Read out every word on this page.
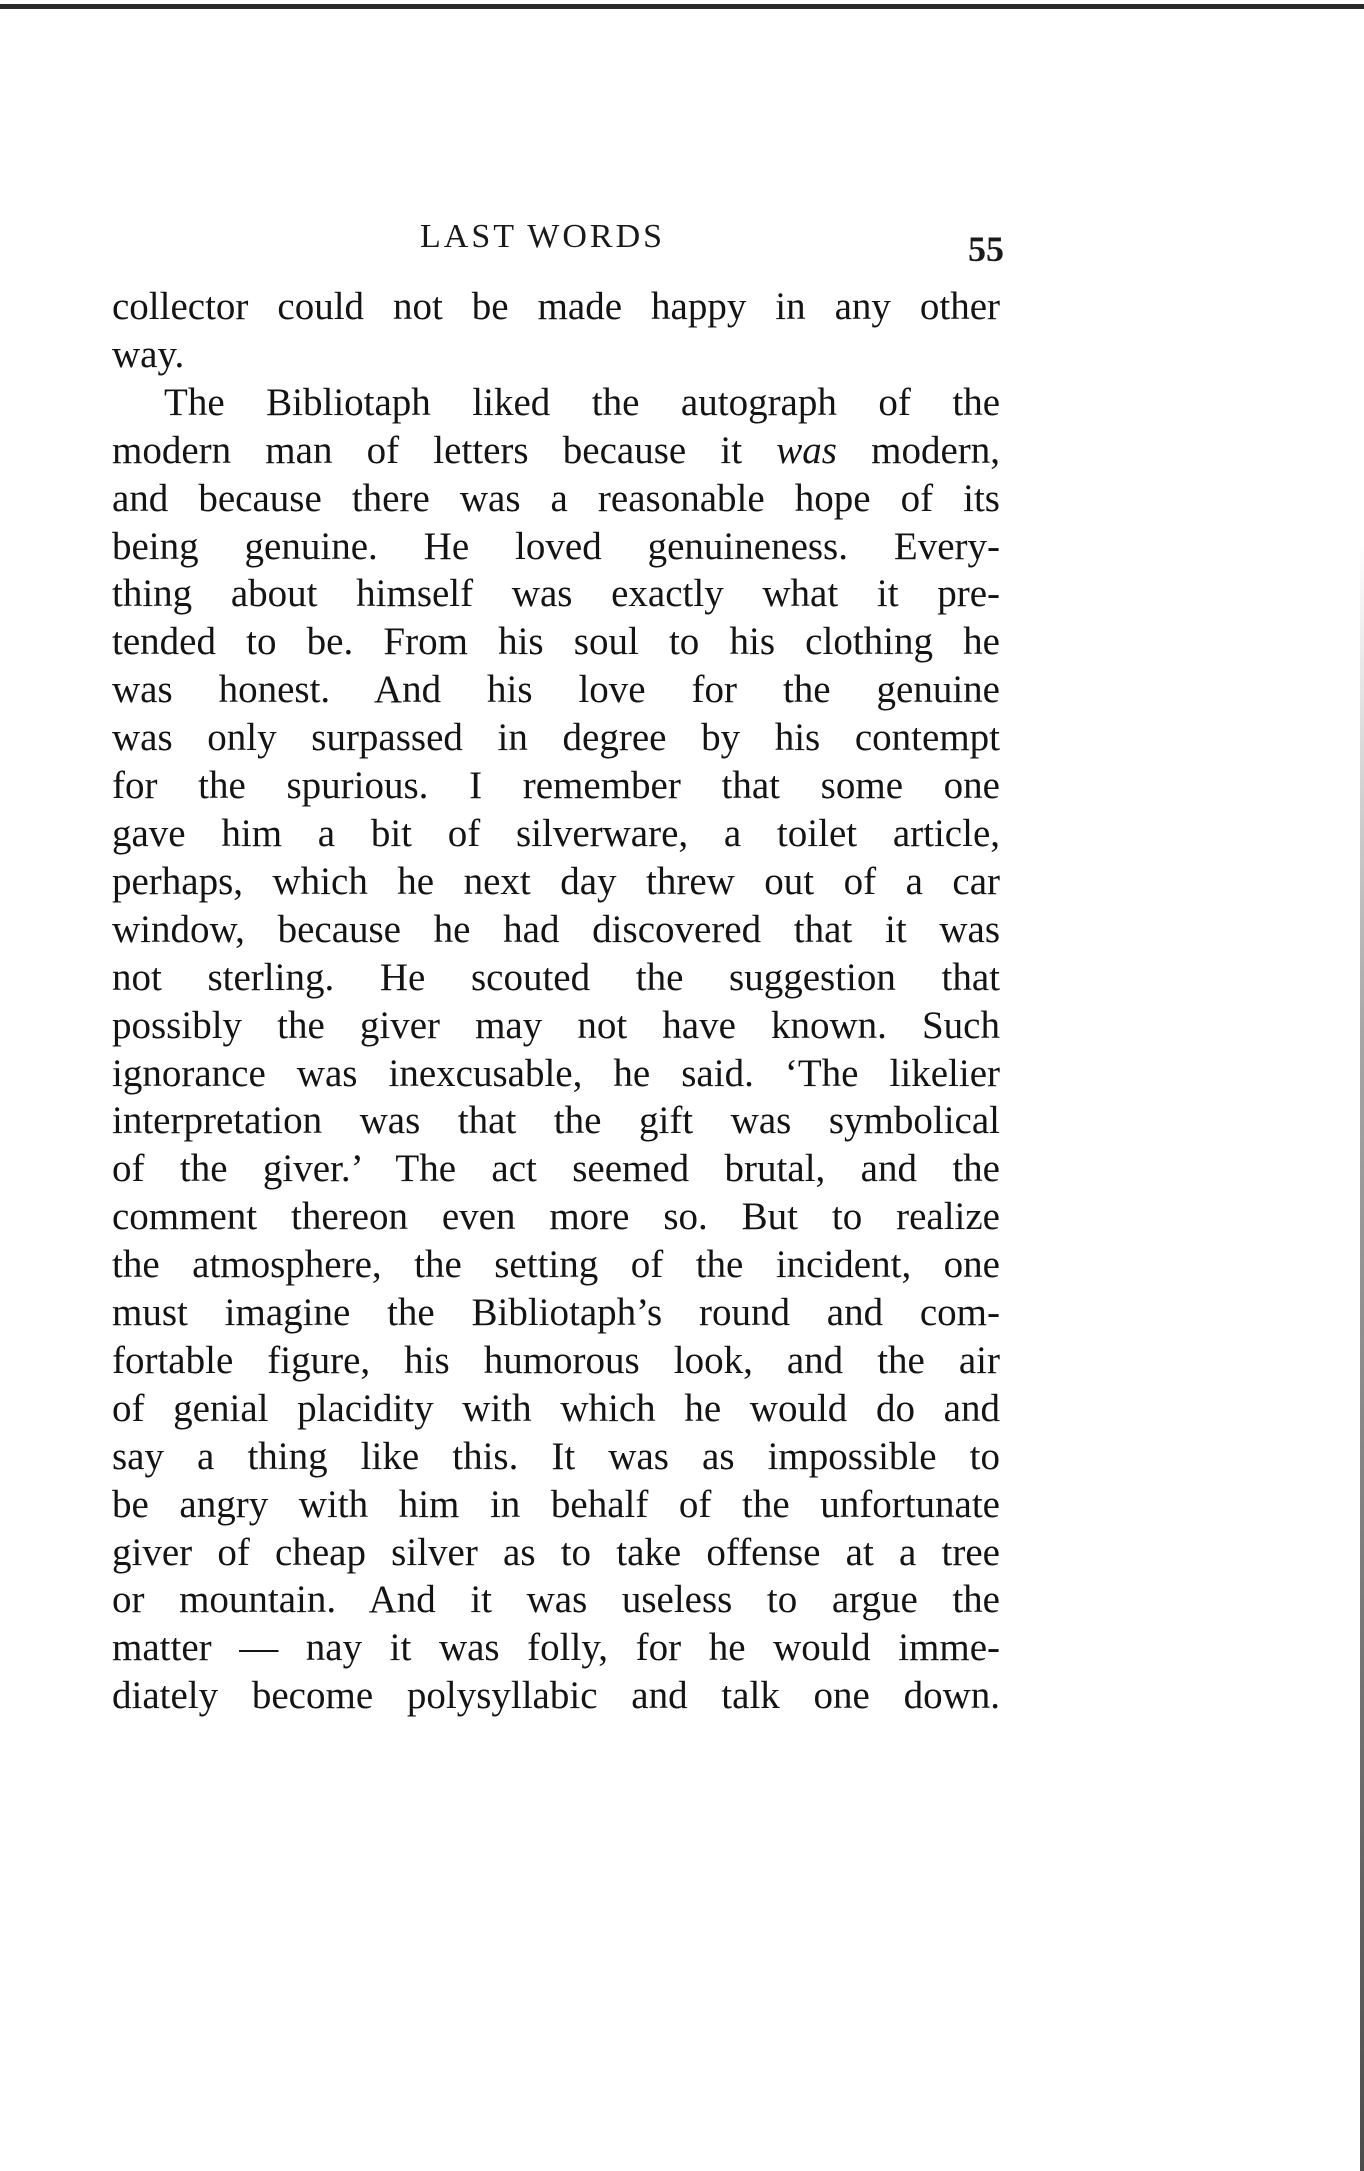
LAST WORDS	55
collector could not be made happy in any other
way.
The Bibliotaph liked the autograph of the
modern man of letters because it was modern,
and because there was a reasonable hope of its
being genuine. He loved genuineness. Every-
thing about himself was exactly what it pre-
tended to be. From his soul to his clothing he
was honest. And his love for the genuine
was only surpassed in degree by his contempt
for the spurious. I remember that some one
gave him a bit of silverware, a toilet article,
perhaps, which he next day threw out of a car
window, because he had discovered that it was
not sterling. He scouted the suggestion that
possibly the giver may not have known. Such
ignorance was inexcusable, he said. ‘The likelier
interpretation was that the gift was symbolical
of the giver.’ The act seemed brutal, and the
comment thereon even more so. But to realize
the atmosphere, the setting of the incident, one
must imagine the Bibliotaph’s round and com-
fortable figure, his humorous look, and the air
of genial placidity with which he would do and
say a thing like this. It was as impossible to
be angry with him in behalf of the unfortunate
giver of cheap silver as to take offense at a tree
or mountain. And it was useless to argue the
matter — nay it was folly, for he would imme-
diately become polysyllabic and talk one down.
